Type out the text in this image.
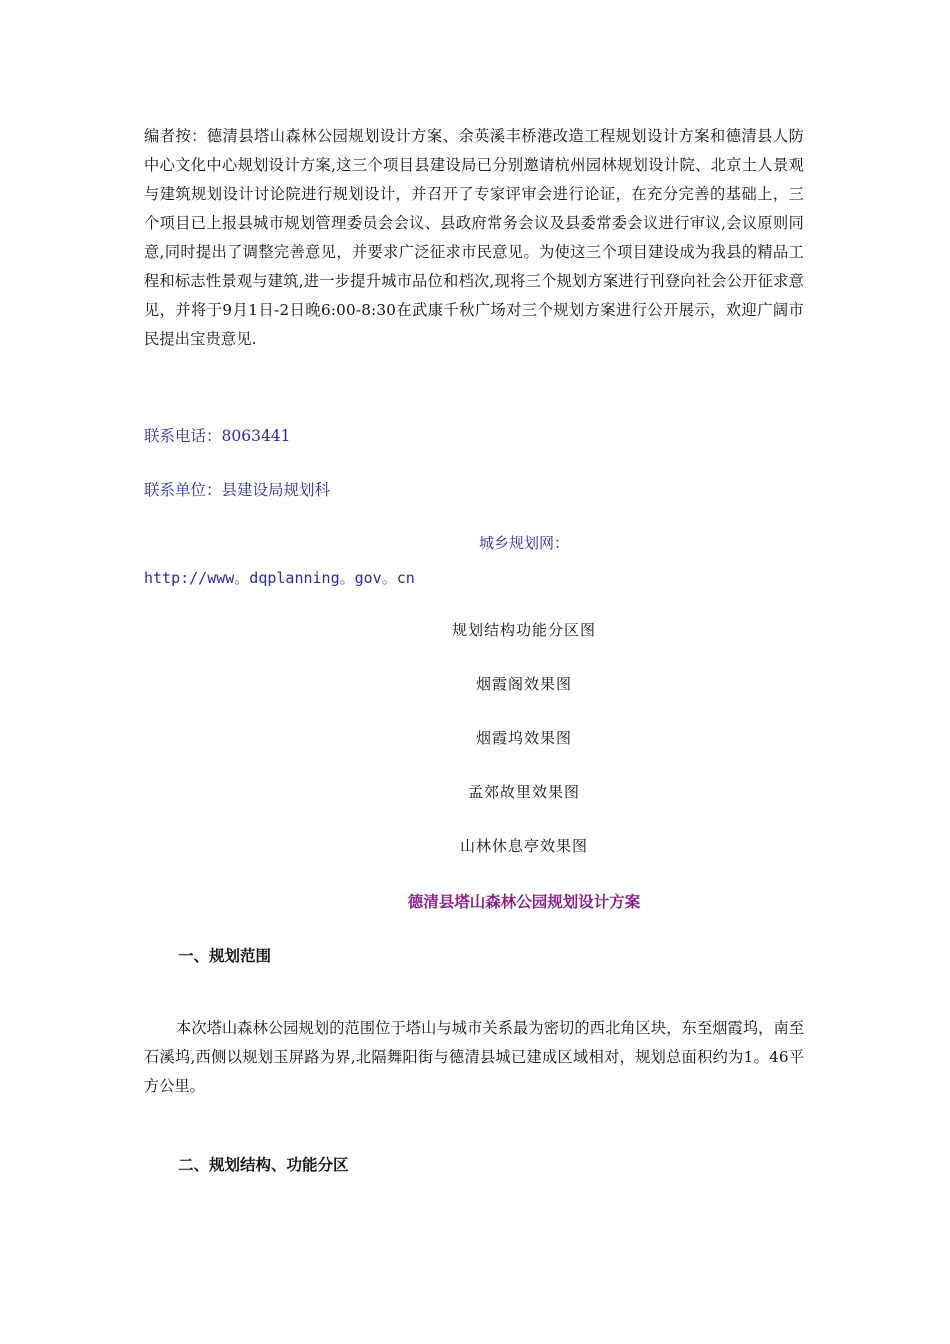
编者按：德清县塔山森林公园规划设计方案、余英溪丰桥港改造工程规划设计方案和德清县人防中心文化中心规划设计方案,这三个项目县建设局已分别邀请杭州园林规划设计院、北京土人景观与建筑规划设计讨论院进行规划设计，并召开了专家评审会进行论证，在充分完善的基础上，三个项目已上报县城市规划管理委员会会议、县政府常务会议及县委常委会议进行审议,会议原则同意,同时提出了调整完善意见，并要求广泛征求市民意见。为使这三个项目建设成为我县的精品工程和标志性景观与建筑,进一步提升城市品位和档次,现将三个规划方案进行刊登向社会公开征求意见，并将于9月1日-2日晚6:00-8:30在武康千秋广场对三个规划方案进行公开展示，欢迎广阔市民提出宝贵意见.

联系电话：8063441

联系单位：县建设局规划科

城乡规划网：

http://www。dqplanning。gov。cn

规划结构功能分区图
烟霞阁效果图
烟霞坞效果图
孟郊故里效果图
山林休息亭效果图

德清县塔山森林公园规划设计方案

一、规划范围

本次塔山森林公园规划的范围位于塔山与城市关系最为密切的西北角区块，东至烟霞坞，南至石溪坞,西侧以规划玉屏路为界,北隔舞阳街与德清县城已建成区域相对，规划总面积约为1。46平方公里。

二、规划结构、功能分区
